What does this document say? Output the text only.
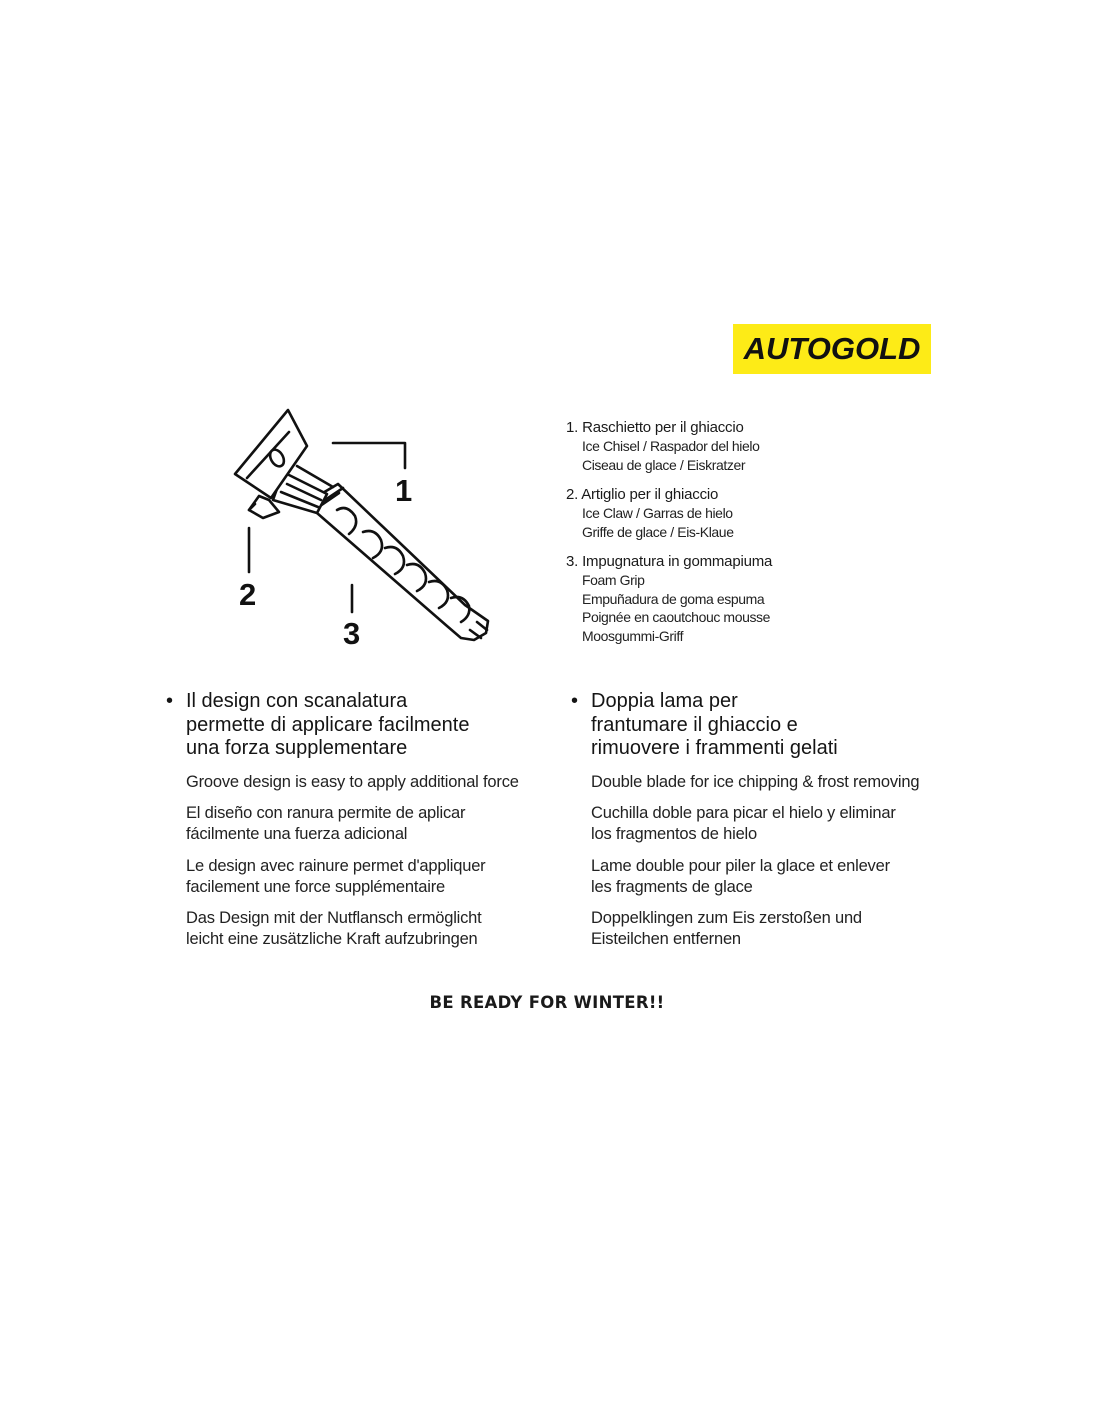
AUTOGOLD
1
2
3
1. Raschietto per il ghiaccio
Ice Chisel / Raspador del hielo
Ciseau de glace / Eiskratzer
2. Artiglio per il ghiaccio
Ice Claw / Garras de hielo
Griffe de glace / Eis-Klaue
3. Impugnatura in gommapiuma
Foam Grip
Empuñadura de goma espuma
Poignée en caoutchouc mousse
Moosgummi-Griff
• Il design con scanalatura
permette di applicare facilmente
una forza supplementare
Groove design is easy to apply additional force
El diseño con ranura permite de aplicar
fácilmente una fuerza adicional
Le design avec rainure permet d'appliquer
facilement une force supplémentaire
Das Design mit der Nutflansch ermöglicht
leicht eine zusätzliche Kraft aufzubringen
• Doppia lama per
frantumare il ghiaccio e
rimuovere i frammenti gelati
Double blade for ice chipping & frost removing
Cuchilla doble para picar el hielo y eliminar
los fragmentos de hielo
Lame double pour piler la glace et enlever
les fragments de glace
Doppelklingen zum Eis zerstoßen und
Eisteilchen entfernen
BE READY FOR WINTER!!
